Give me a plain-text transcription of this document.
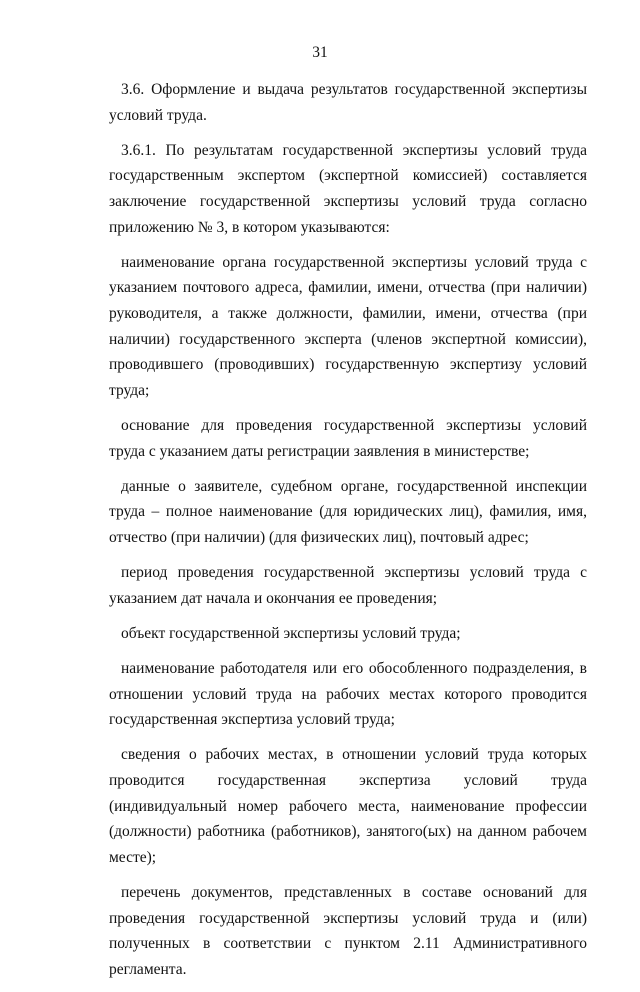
31

3.6. Оформление и выдача результатов государственной экспертизы условий труда.

3.6.1. По результатам государственной экспертизы условий труда государственным экспертом (экспертной комиссией) составляется заключение государственной экспертизы условий труда согласно приложению № 3, в котором указываются:

наименование органа государственной экспертизы условий труда с указанием почтового адреса, фамилии, имени, отчества (при наличии) руководителя, а также должности, фамилии, имени, отчества (при наличии) государственного эксперта (членов экспертной комиссии), проводившего (проводивших) государственную экспертизу условий труда;

основание для проведения государственной экспертизы условий труда с указанием даты регистрации заявления в министерстве;

данные о заявителе, судебном органе, государственной инспекции труда – полное наименование (для юридических лиц), фамилия, имя, отчество (при наличии) (для физических лиц), почтовый адрес;

период проведения государственной экспертизы условий труда с указанием дат начала и окончания ее проведения;

объект государственной экспертизы условий труда;

наименование работодателя или его обособленного подразделения, в отношении условий труда на рабочих местах которого проводится государственная экспертиза условий труда;

сведения о рабочих местах, в отношении условий труда которых проводится государственная экспертиза условий труда (индивидуальный номер рабочего места, наименование профессии (должности) работника (работников), занятого(ых) на данном рабочем месте);

перечень документов, представленных в составе оснований для проведения государственной экспертизы условий труда и (или) полученных в соответствии с пунктом 2.11 Административного регламента.
